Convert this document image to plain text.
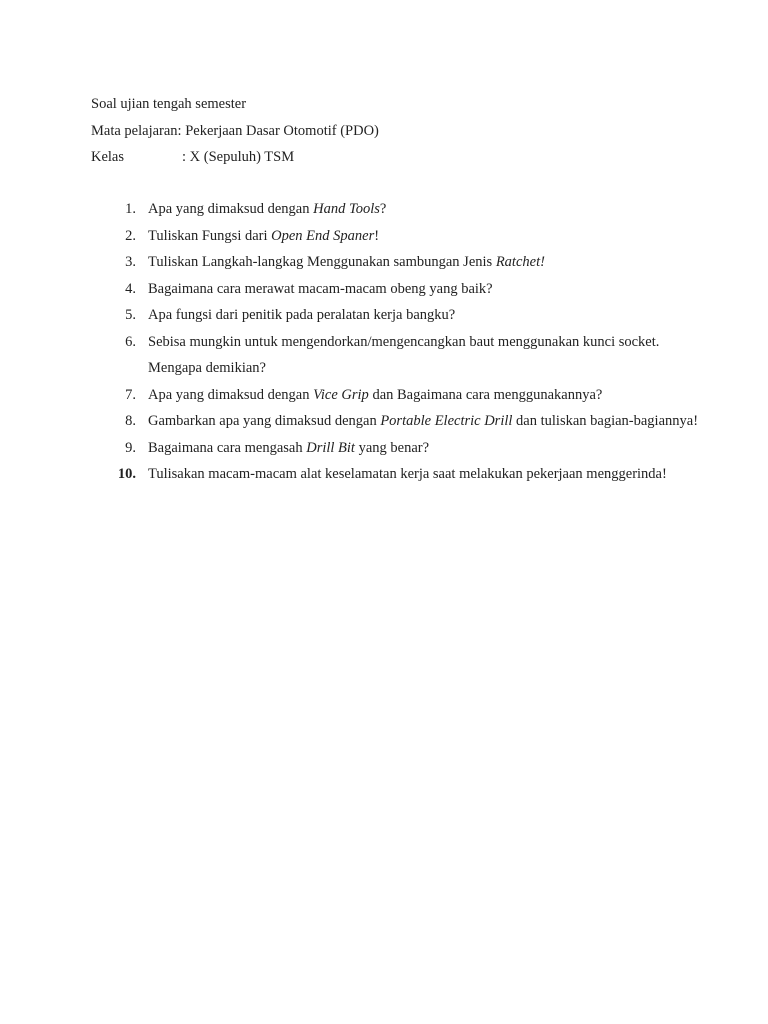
Soal ujian tengah semester
Mata pelajaran: Pekerjaan Dasar Otomotif (PDO)
Kelas	: X (Sepuluh) TSM
1. Apa yang dimaksud dengan Hand Tools?
2. Tuliskan Fungsi dari Open End Spaner!
3. Tuliskan Langkah-langkag Menggunakan sambungan Jenis Ratchet!
4. Bagaimana cara merawat macam-macam obeng yang baik?
5. Apa fungsi dari penitik pada peralatan kerja bangku?
6. Sebisa mungkin untuk mengendorkan/mengencangkan baut menggunakan kunci socket. Mengapa demikian?
7. Apa yang dimaksud dengan Vice Grip dan Bagaimana cara menggunakannya?
8. Gambarkan apa yang dimaksud dengan Portable Electric Drill dan tuliskan bagian-bagiannya!
9. Bagaimana cara mengasah Drill Bit yang benar?
10. Tulisakan macam-macam alat keselamatan kerja saat melakukan pekerjaan menggerinda!
